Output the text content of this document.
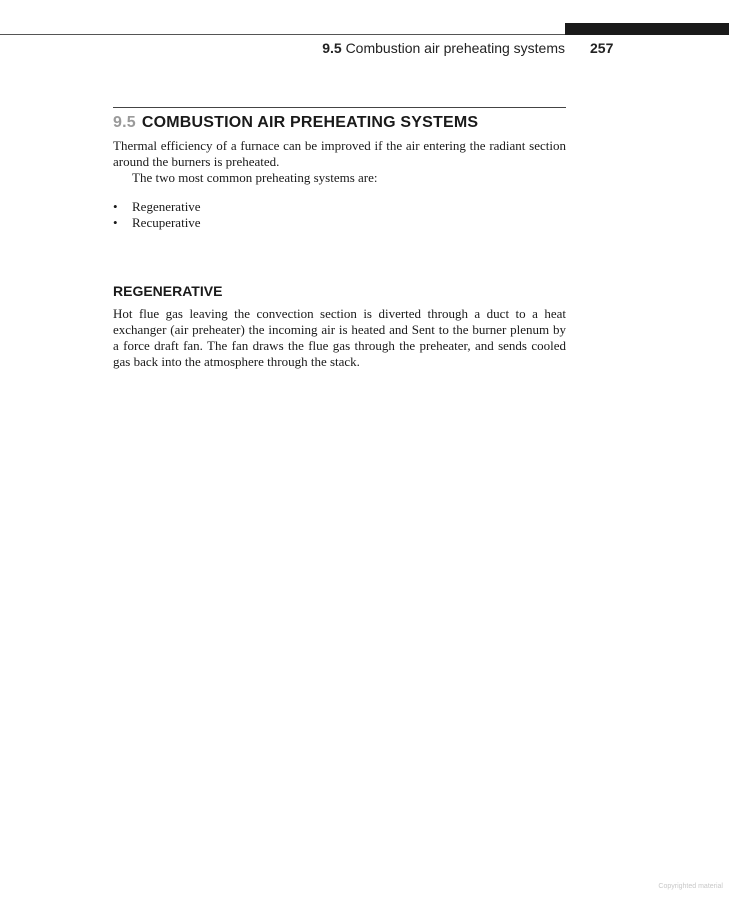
9.5 Combustion air preheating systems 257
9.5 COMBUSTION AIR PREHEATING SYSTEMS
Thermal efficiency of a furnace can be improved if the air entering the radiant section around the burners is preheated.
The two most common preheating systems are:
• Regenerative
• Recuperative
REGENERATIVE
Hot flue gas leaving the convection section is diverted through a duct to a heat exchanger (air preheater) the incoming air is heated and Sent to the burner plenum by a force draft fan. The fan draws the flue gas through the preheater, and sends cooled gas back into the atmosphere through the stack.
Copyrighted material
